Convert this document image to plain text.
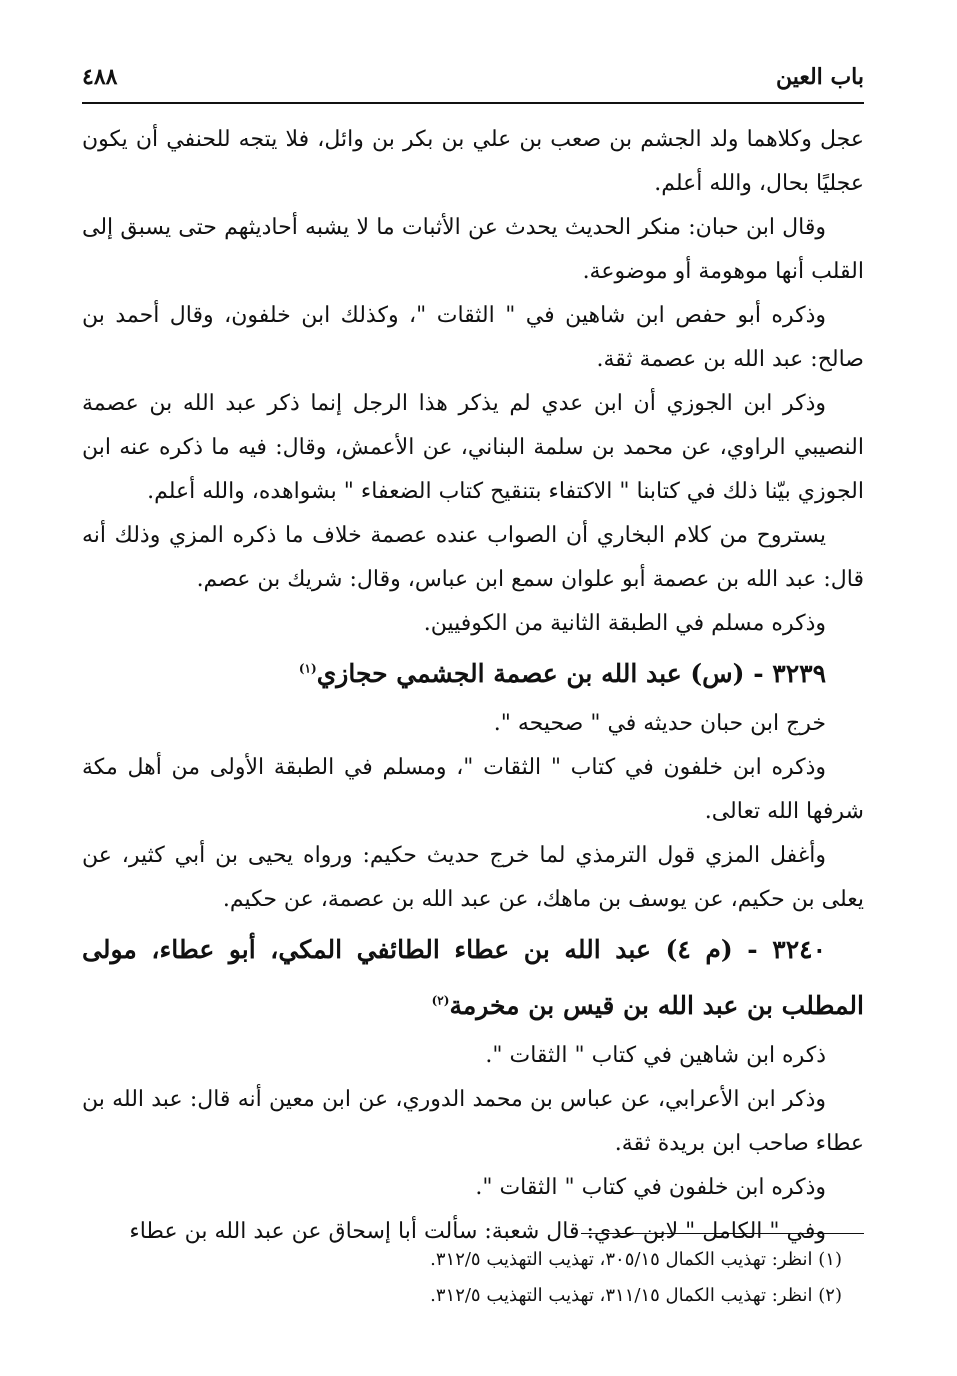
باب العين
٤٨٨

عجل وكلاهما ولد الجشم بن صعب بن علي بن بكر بن وائل، فلا يتجه للحنفي أن يكون عجليًا بحال، والله أعلم.

وقال ابن حبان: منكر الحديث يحدث عن الأثبات ما لا يشبه أحاديثهم حتى يسبق إلى القلب أنها موهومة أو موضوعة.

وذكره أبو حفص ابن شاهين في " الثقات "، وكذلك ابن خلفون، وقال أحمد بن صالح: عبد الله بن عصمة ثقة.

وذكر ابن الجوزي أن ابن عدي لم يذكر هذا الرجل إنما ذكر عبد الله بن عصمة النصيبي الراوي، عن محمد بن سلمة البناني، عن الأعمش، وقال: فيه ما ذكره عنه ابن الجوزي بيّنا ذلك في كتابنا " الاكتفاء بتنقيح كتاب الضعفاء " بشواهده، والله أعلم.

يستروح من كلام البخاري أن الصواب عنده عصمة خلاف ما ذكره المزي وذلك أنه قال: عبد الله بن عصمة أبو علوان سمع ابن عباس، وقال: شريك بن عصم.

وذكره مسلم في الطبقة الثانية من الكوفيين.

٣٢٣٩ - (س) عبد الله بن عصمة الجشمي حجازي$^{(١)}$

خرج ابن حبان حديثه في " صحيحه ".

وذكره ابن خلفون في كتاب " الثقات "، ومسلم في الطبقة الأولى من أهل مكة شرفها الله تعالى.

وأغفل المزي قول الترمذي لما خرج حديث حكيم: ورواه يحيى بن أبي كثير، عن يعلى بن حكيم، عن يوسف بن ماهك، عن عبد الله بن عصمة، عن حكيم.

٣٢٤٠ - (م ٤) عبد الله بن عطاء الطائفي المكي، أبو عطاء، مولى المطلب بن عبد الله بن قيس بن مخرمة$^{(٢)}$

ذكره ابن شاهين في كتاب " الثقات ".

وذكر ابن الأعرابي، عن عباس بن محمد الدوري، عن ابن معين أنه قال: عبد الله بن عطاء صاحب ابن بريدة ثقة.

وذكره ابن خلفون في كتاب " الثقات ".

وفي " الكامل " لابن عدي: قال شعبة: سألت أبا إسحاق عن عبد الله بن عطاء

(١) انظر: تهذيب الكمال ٣٠٥/١٥، تهذيب التهذيب ٣١٢/٥.

(٢) انظر: تهذيب الكمال ٣١١/١٥، تهذيب التهذيب ٣١٢/٥.
